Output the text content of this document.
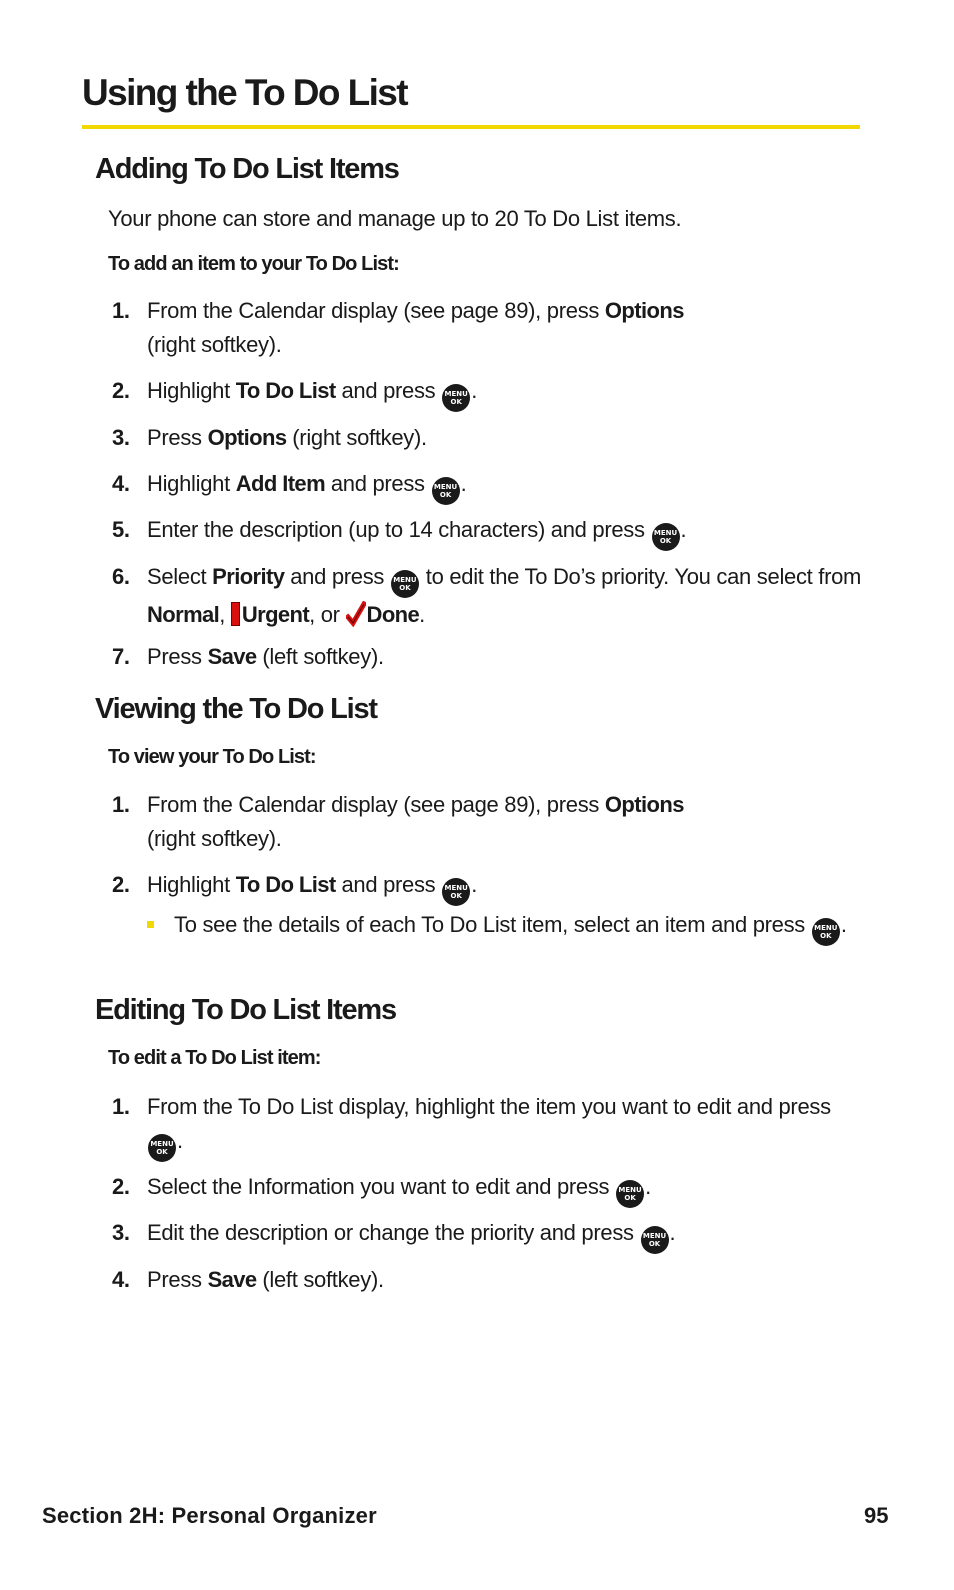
Using the To Do List
Adding To Do List Items
Your phone can store and manage up to 20 To Do List items.
To add an item to your To Do List:
1. From the Calendar display (see page 89), press Options
(right softkey).
2. Highlight To Do List and press MENU
OK .
3. Press Options (right softkey).
4. Highlight Add Item and press MENU
OK .
5. Enter the description (up to 14 characters) and press MENU
OK .
6. Select Priority and press MENU
OK to edit the To Do’s priority. You can select from Normal, Urgent, or Done.
7. Press Save (left softkey).
Viewing the To Do List
To view your To Do List:
1. From the Calendar display (see page 89), press Options
(right softkey).
2. Highlight To Do List and press MENU
OK .
To see the details of each To Do List item, select an item and press MENU
OK .
Editing To Do List Items
To edit a To Do List item:
1. From the To Do List display, highlight the item you want to edit and press
MENU
OK .
2. Select the Information you want to edit and press MENU
OK .
3. Edit the description or change the priority and press MENU
OK .
4. Press Save (left softkey).
Section 2H: Personal Organizer	95
